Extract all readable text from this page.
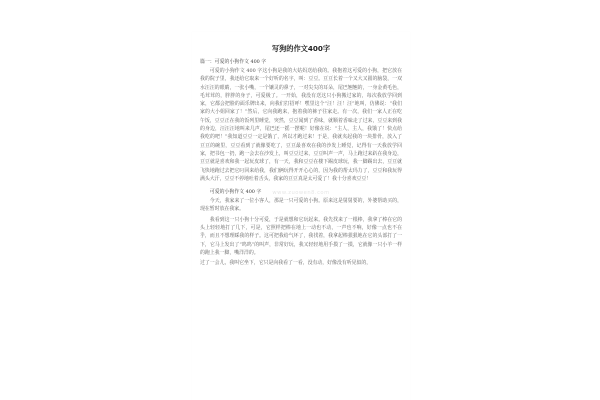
写狗的作文400字
篇一：可爱的小狗作文 400 字
可爱的小狗作文 400 字这小狗是我的大姑妈送给我的。我抱着这可爱的小狗，把它放在我的院子里，我还给它取来一个好听的名字，叫：豆豆。豆豆长着一个又大又圆的脑袋，一双水汪汪的眼睛，一张小嘴，一个镶灵的鼻子，一对尖尖的耳朵，尾巴翘翘的，一身金黄毛色，毛茸茸的，胖胖的身子，可爱极了。一开始，我没有送这只小狗搬过家的，每次我放学回到家，它都会把脸的面乐牌出来，向我们打招呼！嘿里这个“汪！汪！汪”地叫，仿佛说：“我们家的大小姐回家了！”然后，它向我跑来，抱着我的裤子往家走。有一次，我们一家人正在吃午饭，豆豆正在我的饭列里睡觉，突然，豆豆闻到了香味，就顺着香味走了过来，豆豆来到我的身边，汪汪汪地叫来几声，尾巴还一摇一摆呢！好像在说：“主人，主人，我饿了！快点给我吃的吧！”我知道豆豆一定是饿了，所以才跑过来！于是，我就夹起我的一块排骨，放入了豆豆的碗里，豆豆看到了就像要吃了，豆豆最喜欢在我的沙发上睡觉，记得有一天我放学回家，把书包一扔，跑一会去在沙发上，叫豆豆过来，豆豆叫声一声，马上跑过来趴在我身边，豆豆就是喜欢和我一起玩皮球了，有一天，我和豆豆在楼下踢皮球玩，我一脚踢出去，豆豆就飞快地跑过去把它叼回来给我，我们俩玩得开开心心的，因为我的帮太玛力了，豆豆和我玩得满头大汗，豆豆不停地吐着舌头，我家的豆豆真是太可爱了！我十分喜欢豆豆！
可爱的小狗作文 400 字
今天，我家来了一位小客人，那是一只可爱的小狗。原来这是舅舅要的，外婆帮助买的，现在暂时放在我家。
我看到这一只小狗十分可爱，于是就想和它玩起来。我先找来了一根棒，我拿了棒在它的头上轻轻地打了几下，可是，它照样把棒在地上一动也不动，一声也不响，好像一点也不在乎，而且不想理睬我的样子。这可把我给气坏了，我找着，我拿起棒狠狠地在它的头部打了一下，它马上发出了“呜呜”的叫声，非常好玩，我又轻轻地用手摸了一摸，它就像一只小羊一样的跑上我一脚，嘴洋洋的。
过了一会儿，我叫它坐下，它只是向我看了一看，没有动，好像没有听见似的，
www.zuowen8.com
